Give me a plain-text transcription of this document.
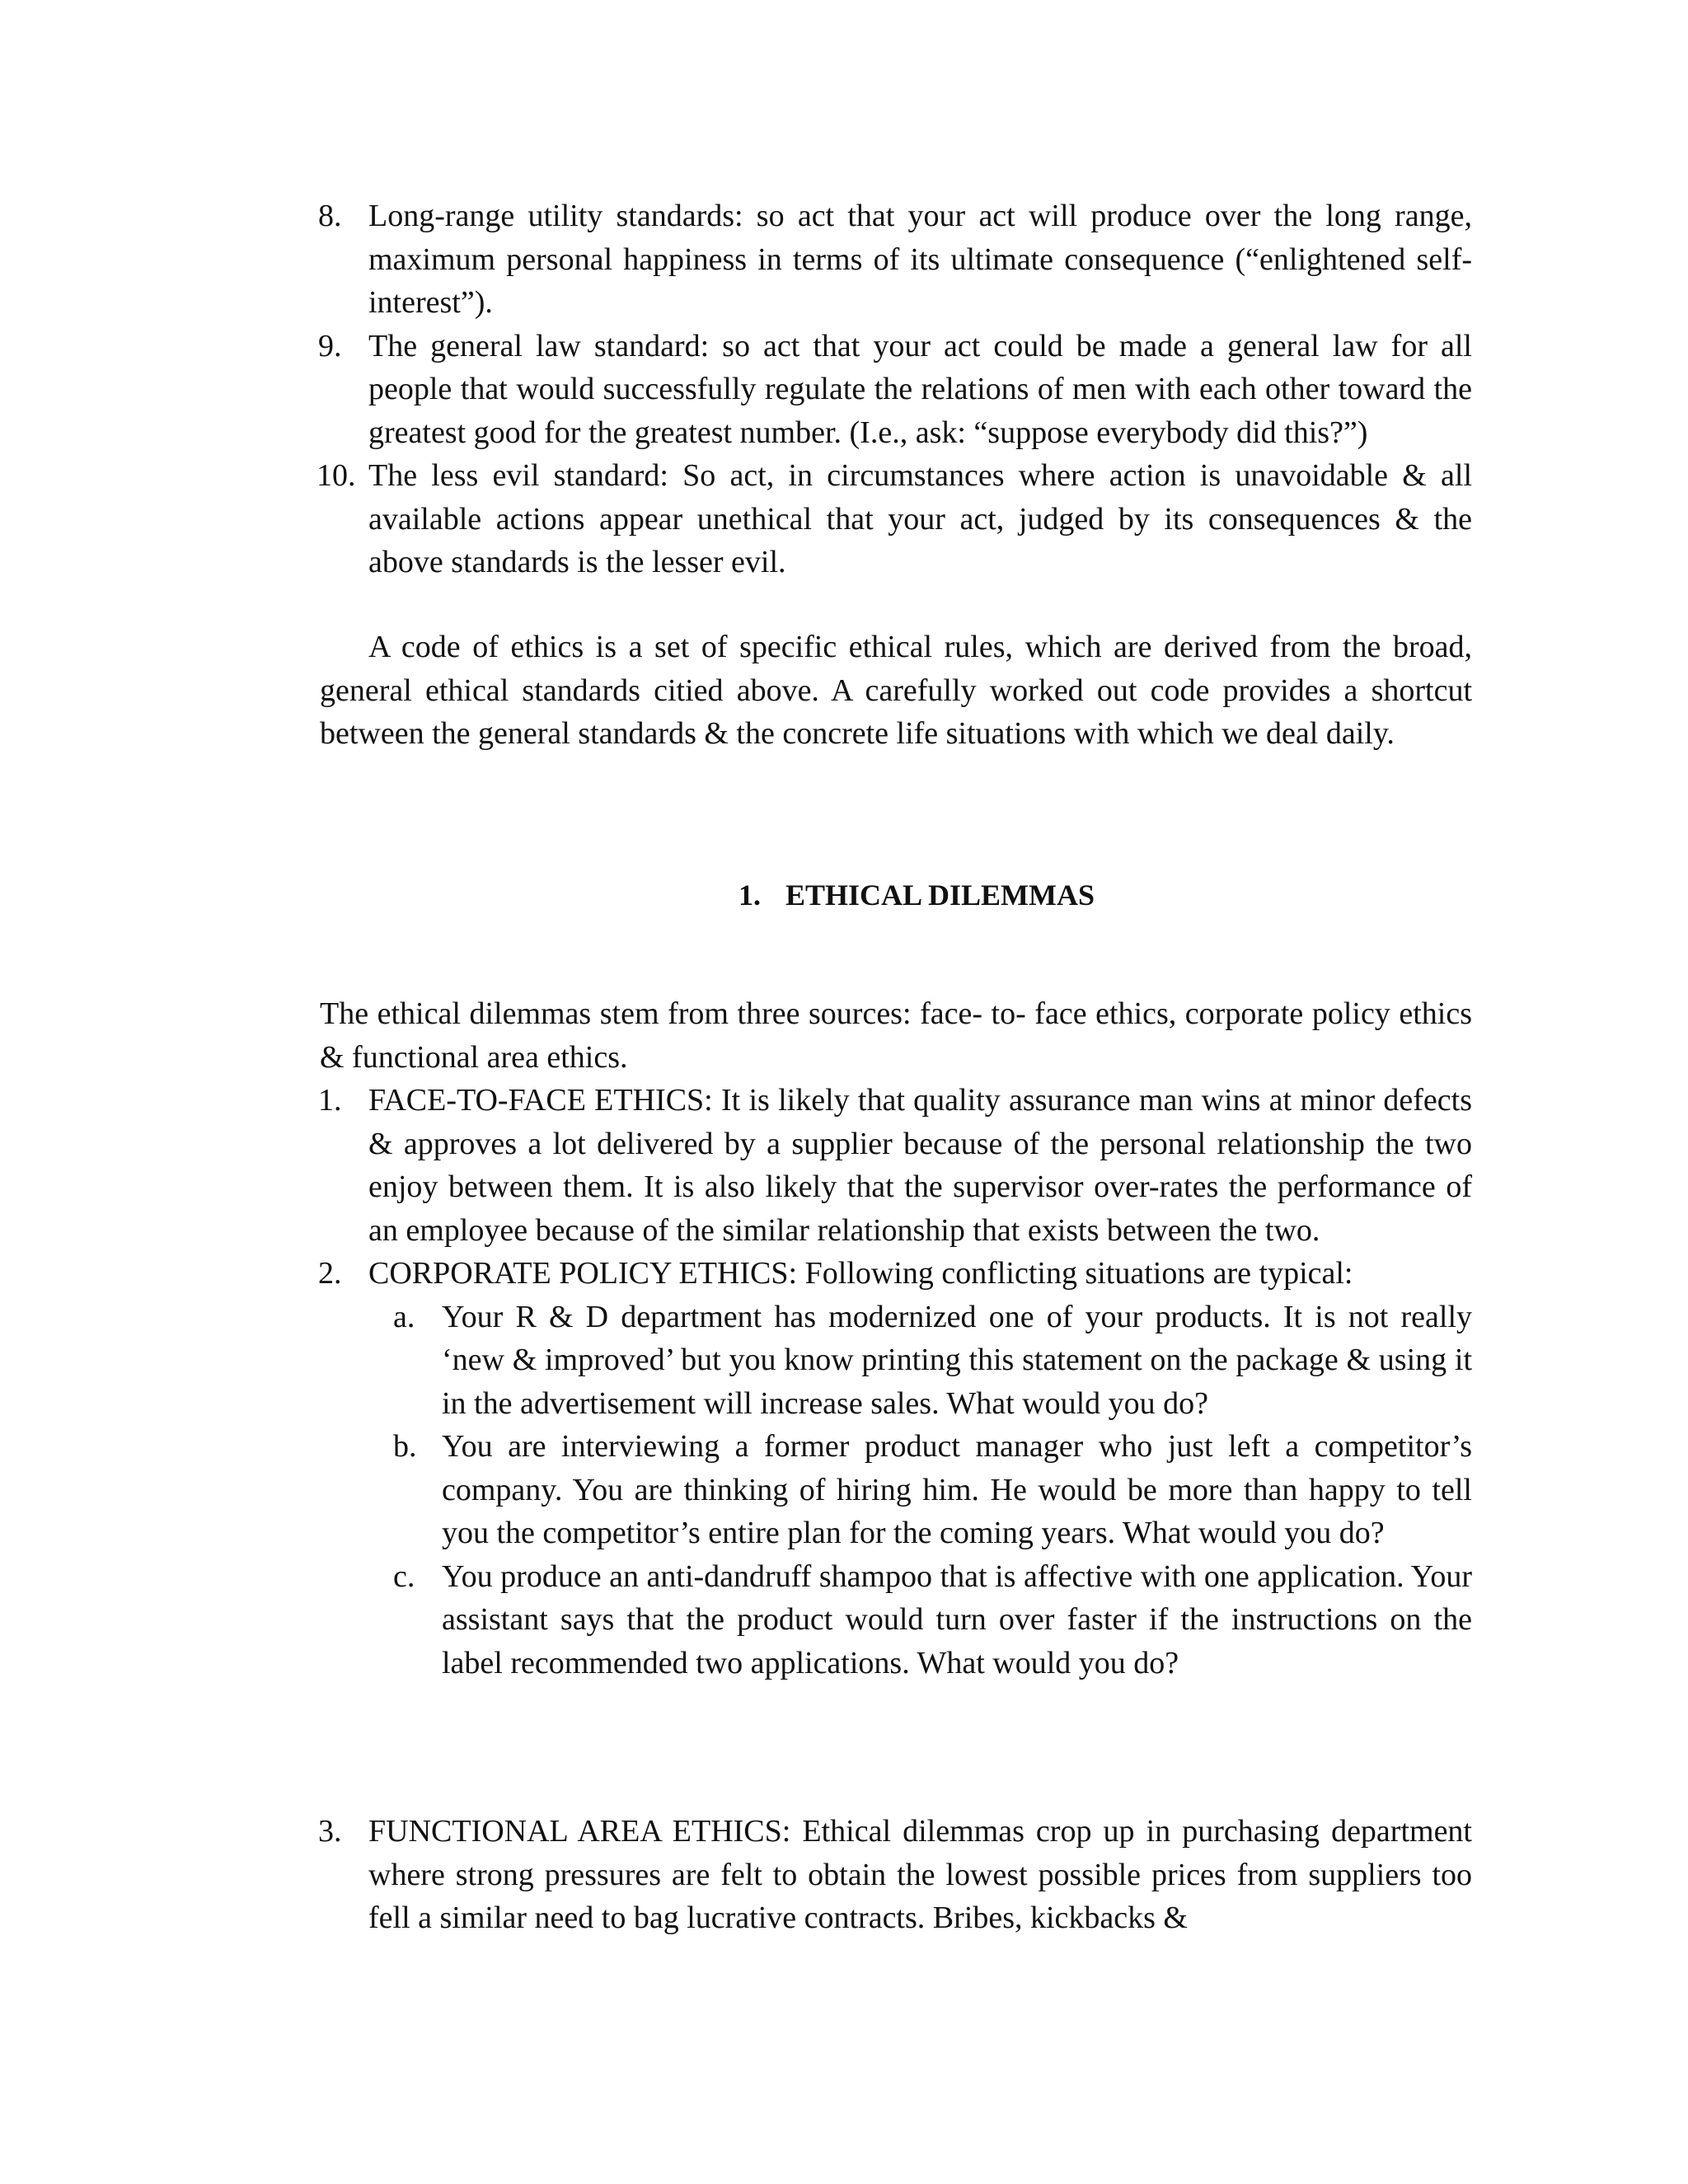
8. Long-range utility standards: so act that your act will produce over the long range, maximum personal happiness in terms of its ultimate consequence (“enlightened self-interest”).
9. The general law standard: so act that your act could be made a general law for all people that would successfully regulate the relations of men with each other toward the greatest good for the greatest number. (I.e., ask: “suppose everybody did this?”)
10. The less evil standard: So act, in circumstances where action is unavoidable & all available actions appear unethical that your act, judged by its consequences & the above standards is the lesser evil.
A code of ethics is a set of specific ethical rules, which are derived from the broad, general ethical standards citied above. A carefully worked out code provides a shortcut between the general standards & the concrete life situations with which we deal daily.
1. ETHICAL DILEMMAS
The ethical dilemmas stem from three sources: face- to- face ethics, corporate policy ethics & functional area ethics.
1. FACE-TO-FACE ETHICS: It is likely that quality assurance man wins at minor defects & approves a lot delivered by a supplier because of the personal relationship the two enjoy between them. It is also likely that the supervisor over-rates the performance of an employee because of the similar relationship that exists between the two.
2. CORPORATE POLICY ETHICS: Following conflicting situations are typical:
a. Your R & D department has modernized one of your products. It is not really ‘new & improved’ but you know printing this statement on the package & using it in the advertisement will increase sales. What would you do?
b. You are interviewing a former product manager who just left a competitor’s company. You are thinking of hiring him. He would be more than happy to tell you the competitor’s entire plan for the coming years. What would you do?
c. You produce an anti-dandruff shampoo that is affective with one application. Your assistant says that the product would turn over faster if the instructions on the label recommended two applications. What would you do?
3. FUNCTIONAL AREA ETHICS: Ethical dilemmas crop up in purchasing department where strong pressures are felt to obtain the lowest possible prices from suppliers too fell a similar need to bag lucrative contracts. Bribes, kickbacks &
